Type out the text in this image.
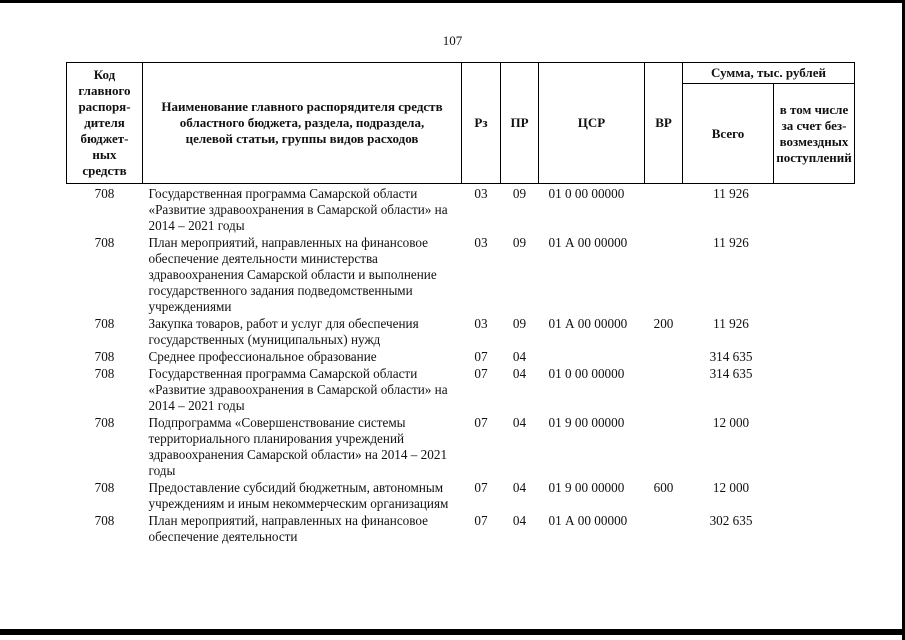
107
Код главного распоря-дителя бюджет-ных средств	Наименование главного распорядителя средств областного бюджета, раздела, подраздела, целевой статьи, группы видов расходов	Рз	ПР	ЦСР	ВР	Сумма, тыс. рублей	
						Всего	в том числе за счет без-возмездных поступлений
708	Государственная программа Самарской области «Развитие здравоохранения в Самарской области» на 2014 – 2021 годы	03	09	01 0 00 00000		11 926	
708	План мероприятий, направленных на финансовое обеспечение деятельности министерства здравоохранения Самарской области и выполнение государственного задания подведомственными учреждениями	03	09	01 А 00 00000		11 926	
708	Закупка товаров, работ и услуг для обеспечения государственных (муниципальных) нужд	03	09	01 А 00 00000	200	11 926	
708	Среднее профессиональное образование	07	04			314 635	
708	Государственная программа Самарской области «Развитие здравоохранения в Самарской области» на 2014 – 2021 годы	07	04	01 0 00 00000		314 635	
708	Подпрограмма «Совершенствование системы территориального планирования учреждений здравоохранения Самарской области» на 2014 – 2021 годы	07	04	01 9 00 00000		12 000	
708	Предоставление субсидий бюджетным, автономным учреждениям и иным некоммерческим организациям	07	04	01 9 00 00000	600	12 000	
708	План мероприятий, направленных на финансовое обеспечение деятельности	07	04	01 А 00 00000		302 635	
